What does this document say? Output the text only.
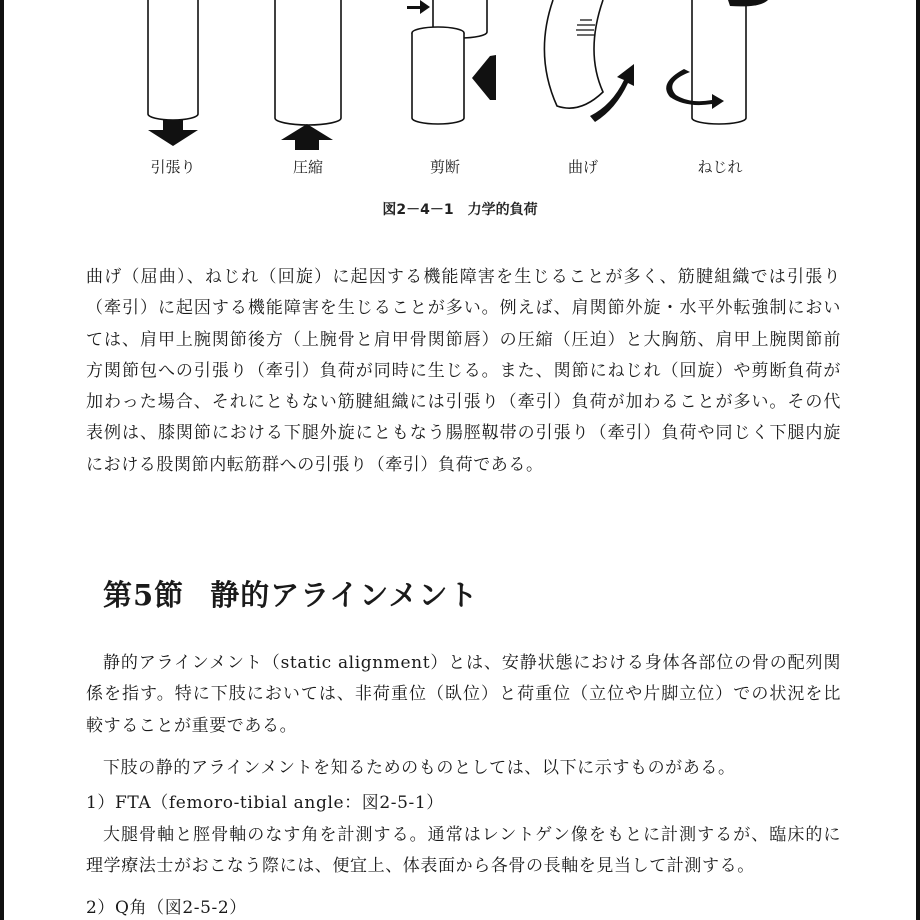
引張り	圧縮	剪断	曲げ	ねじれ
図2－4－1　力学的負荷
曲げ（屈曲）、ねじれ（回旋）に起因する機能障害を生じることが多く、筋腱組織では引張り（牽引）に起因する機能障害を生じることが多い。例えば、肩関節外旋・水平外転強制においては、肩甲上腕関節後方（上腕骨と肩甲骨関節唇）の圧縮（圧迫）と大胸筋、肩甲上腕関節前方関節包への引張り（牽引）負荷が同時に生じる。また、関節にねじれ（回旋）や剪断負荷が加わった場合、それにともない筋腱組織には引張り（牽引）負荷が加わることが多い。その代表例は、膝関節における下腿外旋にともなう腸脛靱帯の引張り（牽引）負荷や同じく下腿内旋における股関節内転筋群への引張り（牽引）負荷である。
第5節 静的アラインメント
静的アラインメント（static alignment）とは、安静状態における身体各部位の骨の配列関係を指す。特に下肢においては、非荷重位（臥位）と荷重位（立位や片脚立位）での状況を比較することが重要である。
下肢の静的アラインメントを知るためのものとしては、以下に示すものがある。
1）FTA（femoro-tibial angle：図2-5-1）
大腿骨軸と脛骨軸のなす角を計測する。通常はレントゲン像をもとに計測するが、臨床的に理学療法士がおこなう際には、便宜上、体表面から各骨の長軸を見当して計測する。
2）Q角（図2-5-2）
